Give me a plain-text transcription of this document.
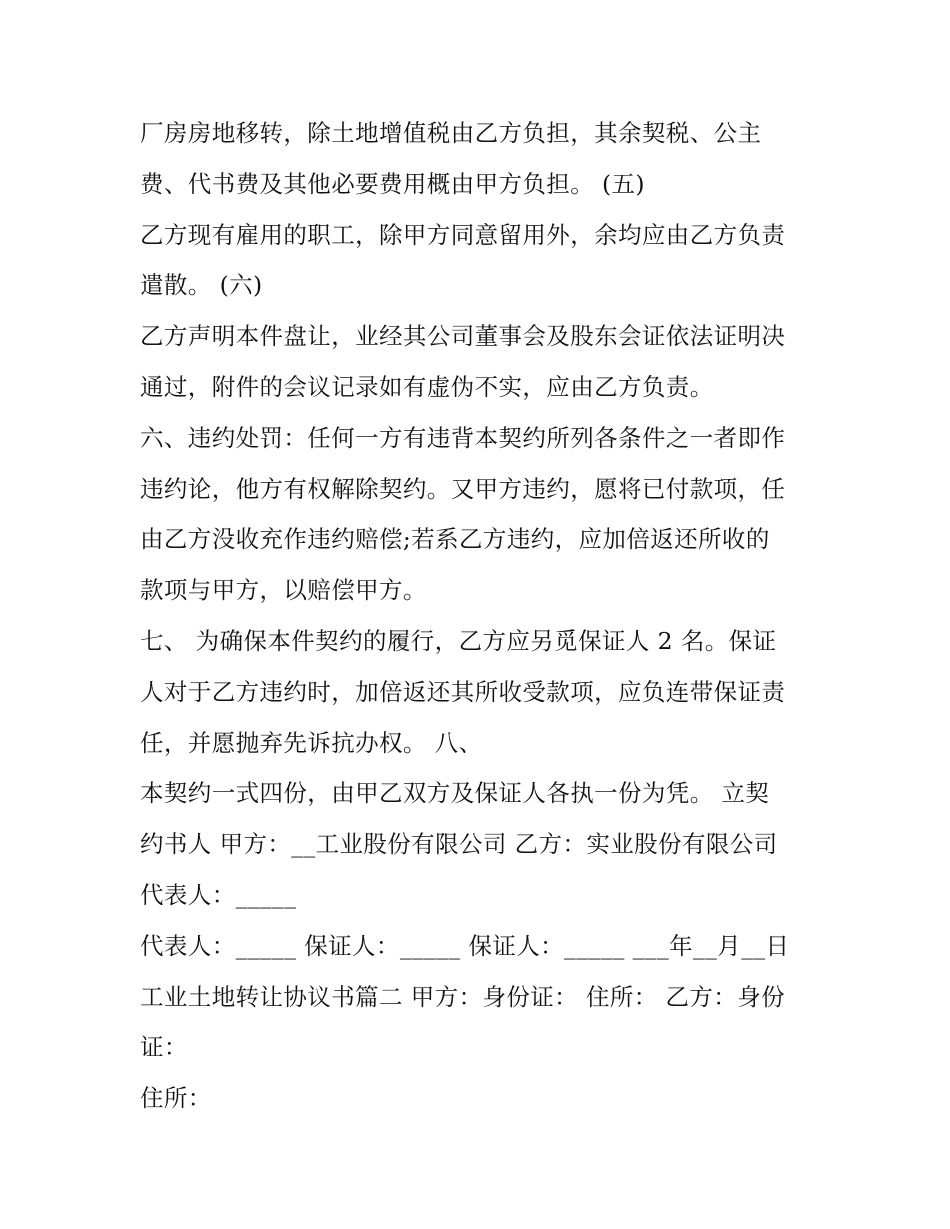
厂房房地移转，除土地增值税由乙方负担，其余契税、公主
费、代书费及其他必要费用概由甲方负担。 (五)
乙方现有雇用的职工，除甲方同意留用外，余均应由乙方负责
遣散。 (六)
乙方声明本件盘让，业经其公司董事会及股东会证依法证明决
通过，附件的会议记录如有虚伪不实，应由乙方负责。
六、违约处罚：任何一方有违背本契约所列各条件之一者即作
违约论，他方有权解除契约。又甲方违约，愿将已付款项，任
由乙方没收充作违约赔偿;若系乙方违约，应加倍返还所收的
款项与甲方，以赔偿甲方。
七、 为确保本件契约的履行，乙方应另觅保证人 2 名。保证
人对于乙方违约时，加倍返还其所收受款项，应负连带保证责
任，并愿抛弃先诉抗办权。 八、
本契约一式四份，由甲乙双方及保证人各执一份为凭。 立契
约书人 甲方：__工业股份有限公司 乙方：实业股份有限公司
代表人：_____
代表人：_____ 保证人：_____ 保证人：_____ ___年__月__日
工业土地转让协议书篇二 甲方：身份证： 住所： 乙方：身份
证：
住所：
